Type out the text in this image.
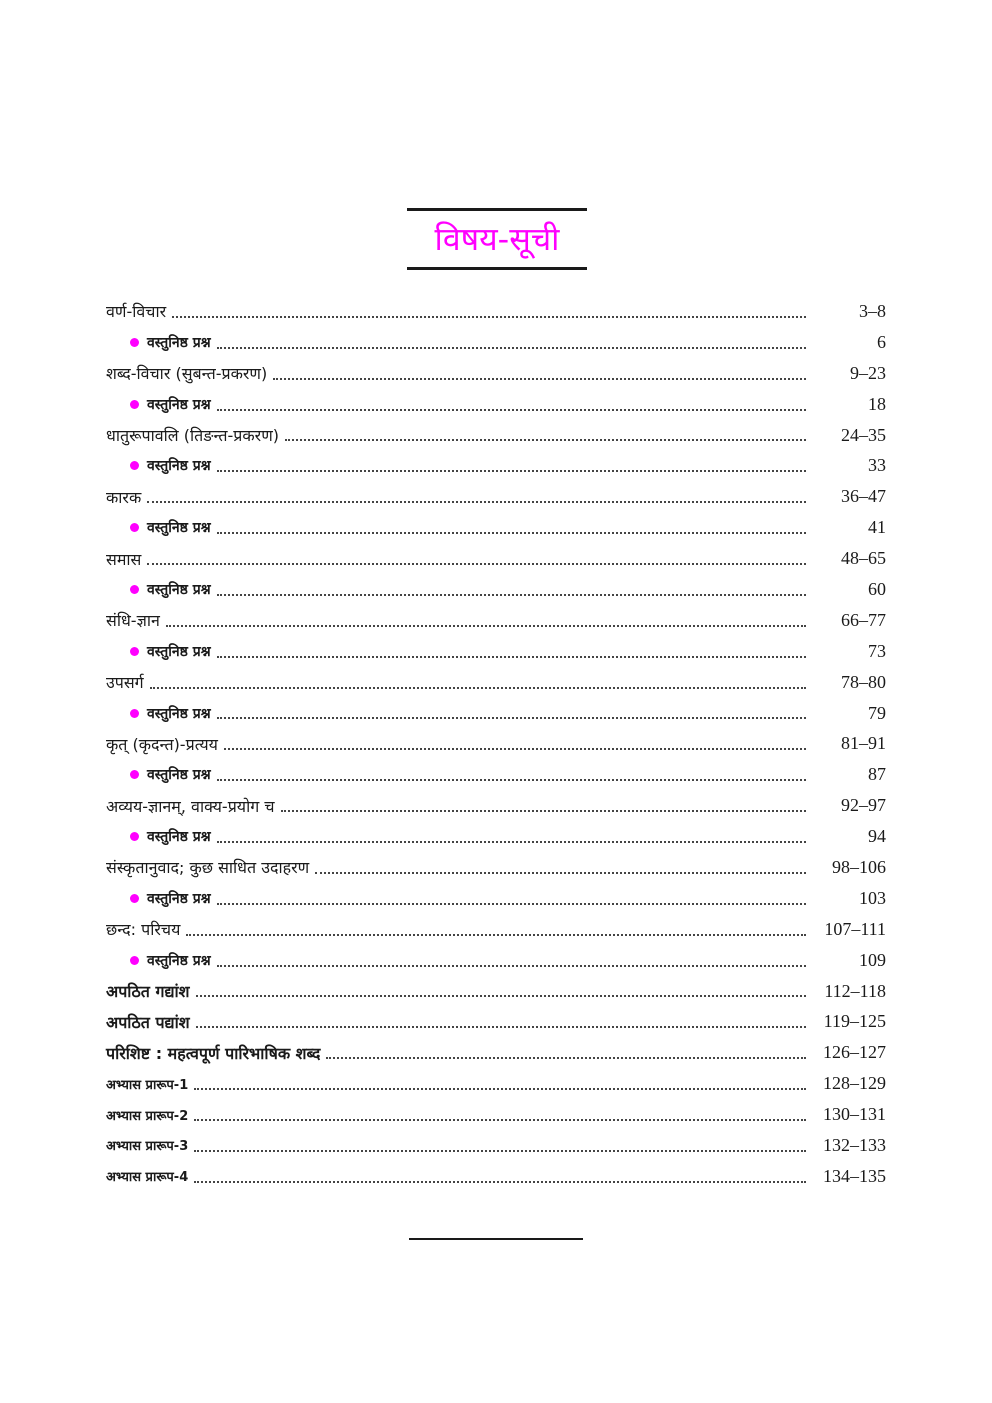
विषय-सूची
वर्ण-विचार	3–8
वस्तुनिष्ठ प्रश्न	6
शब्द-विचार (सुबन्त-प्रकरण)	9–23
वस्तुनिष्ठ प्रश्न	18
धातुरूपावलि (तिङन्त-प्रकरण)	24–35
वस्तुनिष्ठ प्रश्न	33
कारक	36–47
वस्तुनिष्ठ प्रश्न	41
समास	48–65
वस्तुनिष्ठ प्रश्न	60
संधि-ज्ञान	66–77
वस्तुनिष्ठ प्रश्न	73
उपसर्ग	78–80
वस्तुनिष्ठ प्रश्न	79
कृत् (कृदन्त)-प्रत्यय	81–91
वस्तुनिष्ठ प्रश्न	87
अव्यय-ज्ञानम्, वाक्य-प्रयोग च	92–97
वस्तुनिष्ठ प्रश्न	94
संस्कृतानुवाद; कुछ साधित उदाहरण	98–106
वस्तुनिष्ठ प्रश्न	103
छन्द: परिचय	107–111
वस्तुनिष्ठ प्रश्न	109
अपठित गद्यांश	112–118
अपठित पद्यांश	119–125
परिशिष्ट : महत्वपूर्ण पारिभाषिक शब्द	126–127
अभ्यास प्रारूप-1	128–129
अभ्यास प्रारूप-2	130–131
अभ्यास प्रारूप-3	132–133
अभ्यास प्रारूप-4	134–135
